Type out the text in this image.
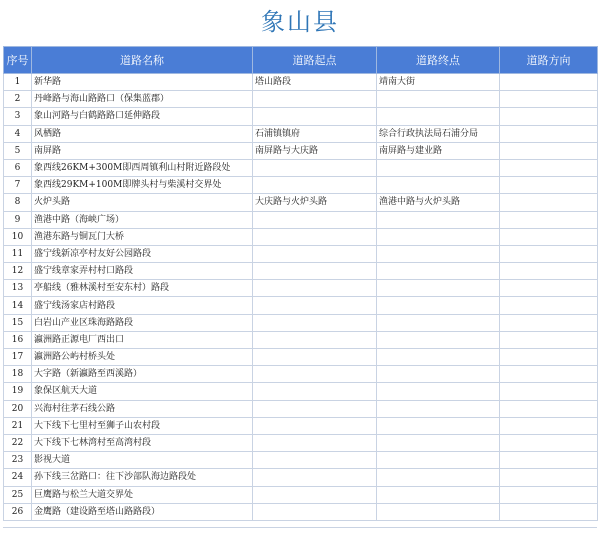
象山县
序号	道路名称	道路起点	道路终点	道路方向
1	新华路	塔山路段	靖南大街	
2	丹峰路与海山路路口（保集蓝郡）			
3	象山河路与白鹤路路口延伸路段			
4	风栖路	石浦镇镇府	综合行政执法局石浦分局	
5	南屏路	南屏路与大庆路	南屏路与建业路	
6	象西线26KM+300M即西周镇利山村附近路段处			
7	象西线29KM+100M即牌头村与柴溪村交界处			
8	火炉头路	大庆路与火炉头路	渔港中路与火炉头路	
9	渔港中路（海峡广场）			
10	渔港东路与铜瓦门大桥			
11	盛宁线新凉亭村友好公园路段			
12	盛宁线章家弄村村口路段			
13	亭船线（雅林溪村至安东村）路段			
14	盛宁线汤家店村路段			
15	白岩山产业区珠海路路段			
16	瀛洲路正源电厂西出口			
17	瀛洲路公屿村桥头处			
18	大字路（新瀛路至西溪路）			
19	象保区航天大道			
20	兴海村往茅石线公路			
21	大下线下七里村至狮子山农村段			
22	大下线下七林湾村至高湾村段			
23	影视大道			
24	孙下线三岔路口：往下沙部队海边路段处			
25	巨鹰路与松兰大道交界处			
26	金鹰路（建设路至塔山路路段）			
